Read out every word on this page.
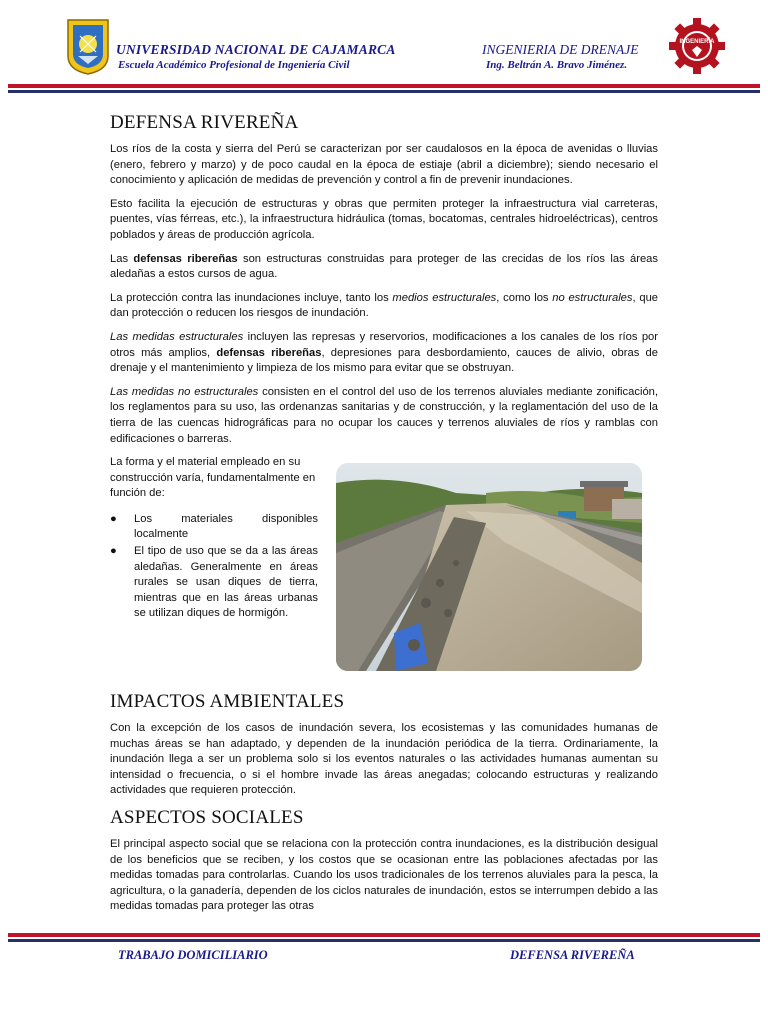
UNIVERSIDAD NACIONAL DE CAJAMARCA
Escuela Académico Profesional de Ingeniería Civil
INGENIERIA DE DRENAJE
Ing. Beltrán A. Bravo Jiménez.
INGENIERÍA
DEFENSA RIVEREÑA

Los ríos de la costa y sierra del Perú se caracterizan por ser caudalosos en la época de avenidas o lluvias (enero, febrero y marzo) y de poco caudal en la época de estiaje (abril a diciembre); siendo necesario el conocimiento y aplicación de medidas de prevención y control a fin de prevenir inundaciones.

Esto facilita la ejecución de estructuras y obras que permiten proteger la infraestructura vial carreteras, puentes, vías férreas, etc.), la infraestructura hidráulica (tomas, bocatomas, centrales hidroeléctricas), centros poblados y áreas de producción agrícola.

Las defensas ribereñas son estructuras construidas para proteger de las crecidas de los ríos las áreas aledañas a estos cursos de agua.

La protección contra las inundaciones incluye, tanto los medios estructurales, como los no estructurales, que dan protección o reducen los riesgos de inundación.

Las medidas estructurales incluyen las represas y reservorios, modificaciones a los canales de los ríos por otros más amplios, defensas ribereñas, depresiones para desbordamiento, cauces de alivio, obras de drenaje y el mantenimiento y limpieza de los mismo para evitar que se obstruyan.

Las medidas no estructurales consisten en el control del uso de los terrenos aluviales mediante zonificación, los reglamentos para su uso, las ordenanzas sanitarias y de construcción, y la reglamentación del uso de la tierra de las cuencas hidrográficas para no ocupar los cauces y terrenos aluviales de ríos y ramblas con edificaciones o barreras.

La forma y el material empleado en su construcción varía, fundamentalmente en función de:

● Los materiales disponibles localmente
● El tipo de uso que se da a las áreas aledañas. Generalmente en áreas rurales se usan diques de tierra, mientras que en las áreas urbanas se utilizan diques de hormigón.
IMPACTOS AMBIENTALES

Con la excepción de los casos de inundación severa, los ecosistemas y las comunidades humanas de muchas áreas se han adaptado, y dependen de la inundación periódica de la tierra. Ordinariamente, la inundación llega a ser un problema solo si los eventos naturales o las actividades humanas aumentan su intensidad o frecuencia, o si el hombre invade las áreas anegadas; colocando estructuras y realizando actividades que requieren protección.

ASPECTOS SOCIALES

El principal aspecto social que se relaciona con la protección contra inundaciones, es la distribución desigual de los beneficios que se reciben, y los costos que se ocasionan entre las poblaciones afectadas por las medidas tomadas para controlarlas. Cuando los usos tradicionales de los terrenos aluviales para la pesca, la agricultura, o la ganadería, dependen de los ciclos naturales de inundación, estos se interrumpen debido a las medidas tomadas para proteger las otras

TRABAJO DOMICILIARIO	DEFENSA RIVEREÑA
